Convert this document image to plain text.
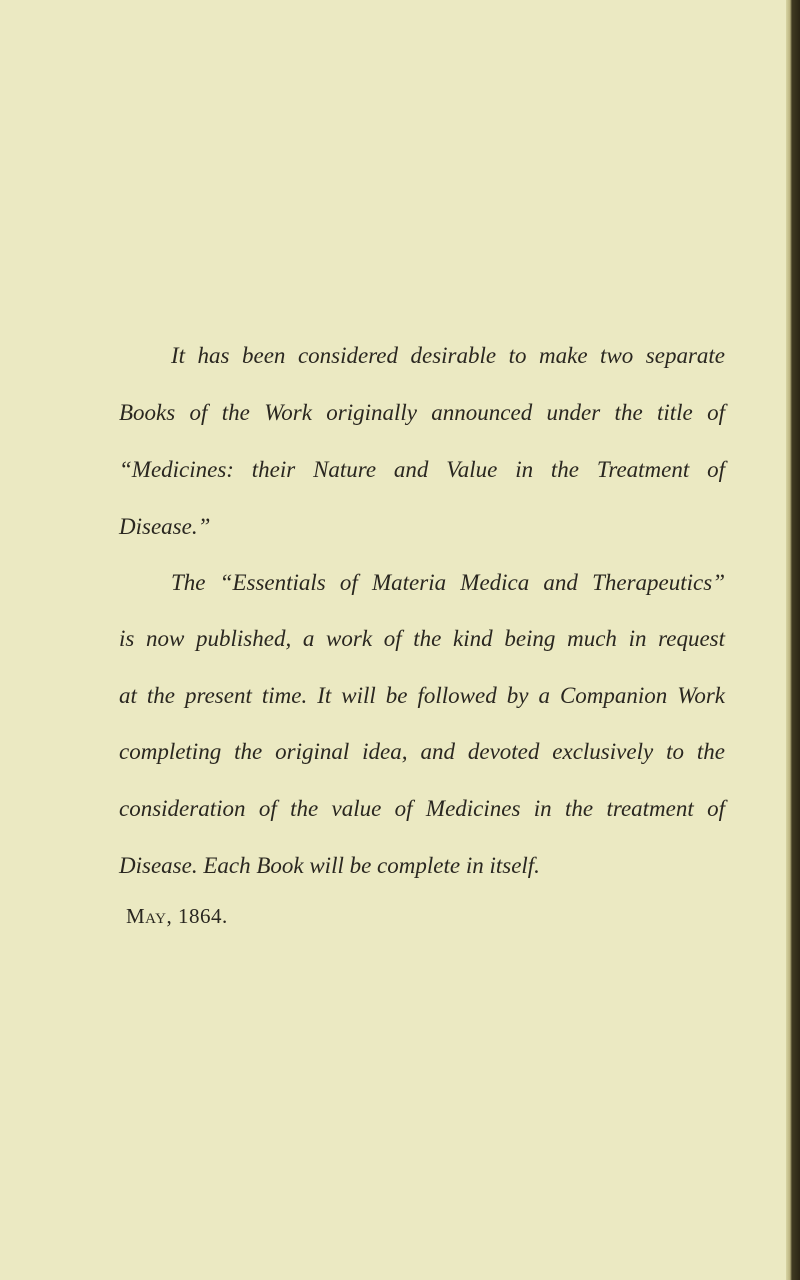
It has been considered desirable to make two separate
Books of the Work originally announced under the title of
“Medicines: their Nature and Value in the Treatment of
Disease.”
The “Essentials of Materia Medica and Therapeutics”
is now published, a work of the kind being much in request
at the present time. It will be followed by a Companion Work
completing the original idea, and devoted exclusively to the
consideration of the value of Medicines in the treatment of
Disease. Each Book will be complete in itself.
May, 1864.
